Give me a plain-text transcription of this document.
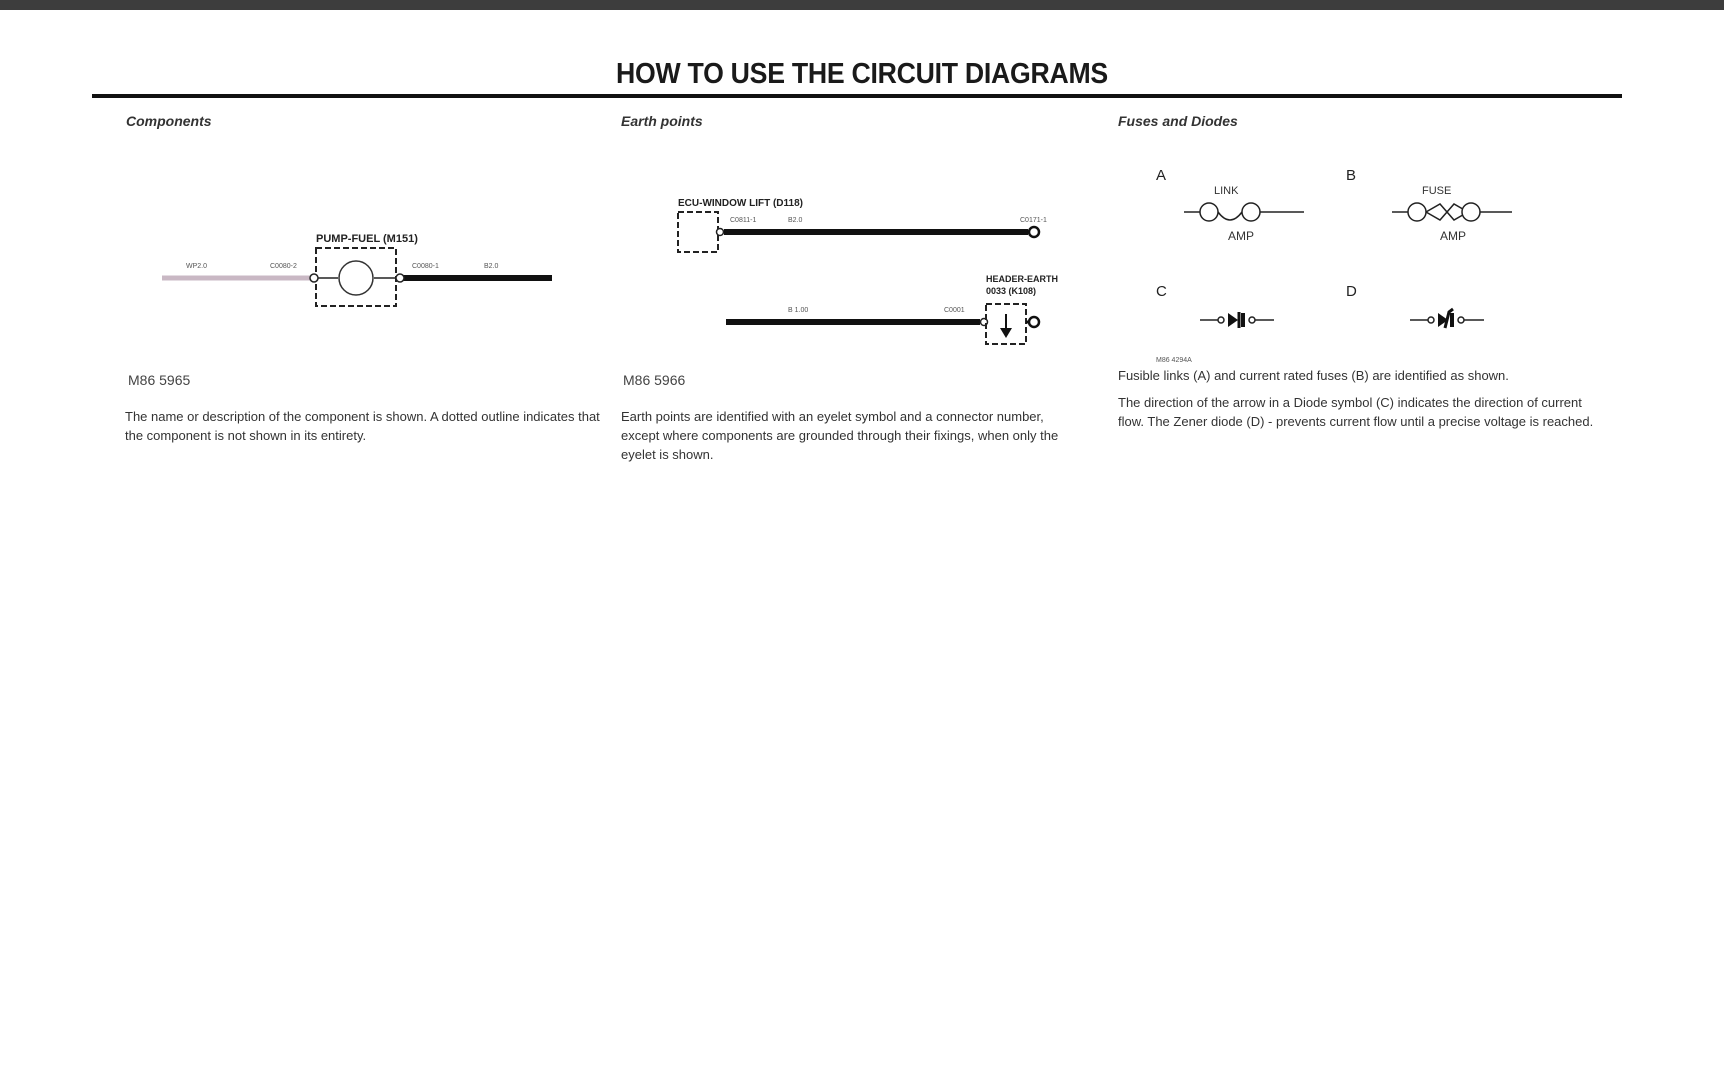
HOW TO USE THE CIRCUIT DIAGRAMS
Components
PUMP-FUEL (M151)
WP2.0	C0080-2	C0080-1	B2.0
M86 5965
The name or description of the component is shown. A dotted outline indicates that the component is not shown in its entirety.
Earth points
ECU-WINDOW LIFT (D118)
C0811-1	B2.0	C0171-1
HEADER-EARTH
0033 (K108)
B 1.00	C0001
M86 5966
Earth points are identified with an eyelet symbol and a connector number, except where components are grounded through their fixings, when only the eyelet is shown.
Fuses and Diodes
A
LINK
AMP
B
FUSE
AMP
C	D
M86 4294A
Fusible links (A) and current rated fuses (B) are identified as shown.
The direction of the arrow in a Diode symbol (C) indicates the direction of current flow. The Zener diode (D) - prevents current flow until a precise voltage is reached.
